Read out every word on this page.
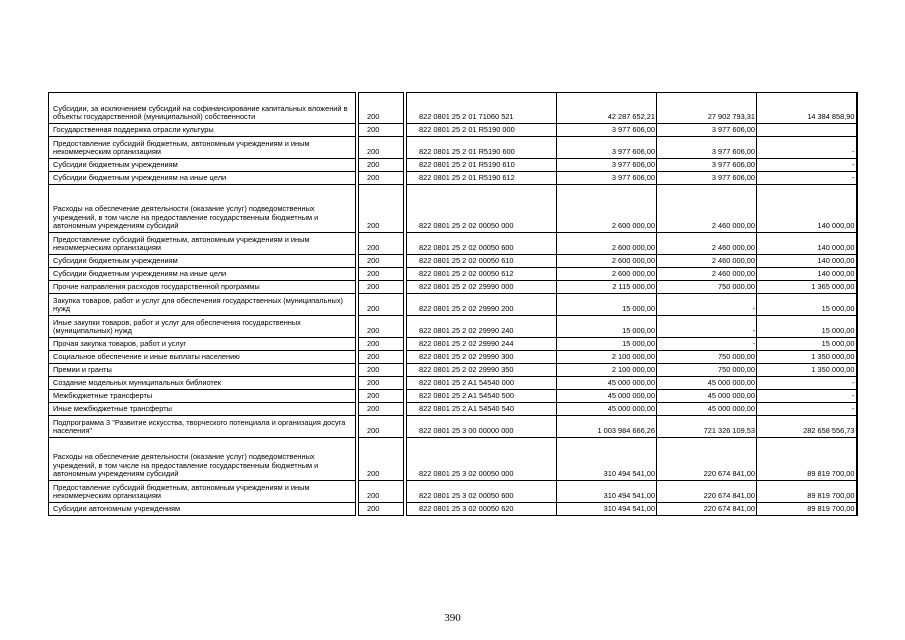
Субсидии, за исключением субсидий на софинансирование капитальных вложений в объекты государственной (муниципальной) собственности		200		822 0801 25 2 01 71060 521	42 287 652,21	27 902 793,31	14 384 858,90
Государственная поддержка отрасли культуры		200		822 0801 25 2 01 R5190 000	3 977 606,00	3 977 606,00	
Предоставление субсидий бюджетным, автономным учреждениям и иным некоммерческим организациям		200		822 0801 25 2 01 R5190 600	3 977 606,00	3 977 606,00	-
Субсидии бюджетным учреждениям		200		822 0801 25 2 01 R5190 610	3 977 606,00	3 977 606,00	-
Субсидии бюджетным учреждениям на иные цели		200		822 0801 25 2 01 R5190 612	3 977 606,00	3 977 606,00	-
Расходы на обеспечение деятельности (оказание услуг) подведомственных учреждений, в том числе на предоставление государственным бюджетным и автономным учреждениям субсидий		200		822 0801 25 2 02 00050 000	2 600 000,00	2 460 000,00	140 000,00
Предоставление субсидий бюджетным, автономным учреждениям и иным некоммерческим организациям		200		822 0801 25 2 02 00050 600	2 600 000,00	2 460 000,00	140 000,00
Субсидии бюджетным учреждениям		200		822 0801 25 2 02 00050 610	2 600 000,00	2 460 000,00	140 000,00
Субсидии бюджетным учреждениям на иные цели		200		822 0801 25 2 02 00050 612	2 600 000,00	2 460 000,00	140 000,00
Прочие направления расходов государственной программы		200		822 0801 25 2 02 29990 000	2 115 000,00	750 000,00	1 365 000,00
Закупка товаров, работ и услуг для обеспечения государственных (муниципальных) нужд		200		822 0801 25 2 02 29990 200	15 000,00	-	15 000,00
Иные закупки товаров, работ и услуг для обеспечения государственных (муниципальных) нужд		200		822 0801 25 2 02 29990 240	15 000,00	-	15 000,00
Прочая закупка товаров, работ и услуг		200		822 0801 25 2 02 29990 244	15 000,00	-	15 000,00
Социальное обеспечение и иные выплаты населению		200		822 0801 25 2 02 29990 300	2 100 000,00	750 000,00	1 350 000,00
Премии и гранты		200		822 0801 25 2 02 29990 350	2 100 000,00	750 000,00	1 350 000,00
Создание модельных муниципальных библиотек		200		822 0801 25 2 A1 54540 000	45 000 000,00	45 000 000,00	-
Межбюджетные трансферты		200		822 0801 25 2 A1 54540 500	45 000 000,00	45 000 000,00	-
Иные межбюджетные трансферты		200		822 0801 25 2 A1 54540 540	45 000 000,00	45 000 000,00	-
Подпрограмма 3 "Развитие искусства, творческого потенциала и организация досуга населения"		200		822 0801 25 3 00 00000 000	1 003 984 666,26	721 326 109,53	282 658 556,73
Расходы на обеспечение деятельности (оказание услуг) подведомственных учреждений, в том числе на предоставление государственным бюджетным и автономным учреждениям субсидий		200		822 0801 25 3 02 00050 000	310 494 541,00	220 674 841,00	89 819 700,00
Предоставление субсидий бюджетным, автономным учреждениям и иным некоммерческим организациям		200		822 0801 25 3 02 00050 600	310 494 541,00	220 674 841,00	89 819 700,00
Субсидии автономным учреждениям		200		822 0801 25 3 02 00050 620	310 494 541,00	220 674 841,00	89 819 700,00
390
